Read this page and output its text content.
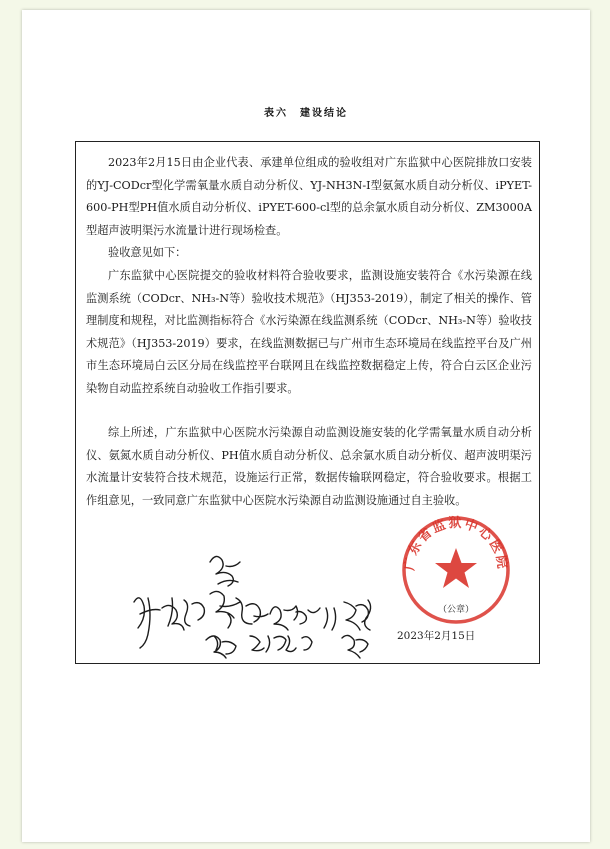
表六　建设结论

2023年2月15日由企业代表、承建单位组成的验收组对广东监狱中心医院排放口安装的YJ-CODcr型化学需氧量水质自动分析仪、YJ-NH3N-I型氨氮水质自动分析仪、iPYET-600-PH型PH值水质自动分析仪、iPYET-600-cl型的总余氯水质自动分析仪、ZM3000A型超声波明渠污水流量计进行现场检查。

验收意见如下：

广东监狱中心医院提交的验收材料符合验收要求，监测设施安装符合《水污染源在线监测系统（CODcr、NH₃-N等）验收技术规范》（HJ353-2019），制定了相关的操作、管理制度和规程，对比监测指标符合《水污染源在线监测系统（CODcr、NH₃-N等）验收技术规范》（HJ353-2019）要求，在线监测数据已与广州市生态环境局在线监控平台及广州市生态环境局白云区分局在线监控平台联网且在线监控数据稳定上传，符合白云区企业污染物自动监控系统自动验收工作指引要求。

综上所述，广东监狱中心医院水污染源自动监测设施安装的化学需氧量水质自动分析仪、氨氮水质自动分析仪、PH值水质自动分析仪、总余氯水质自动分析仪、超声波明渠污水流量计安装符合技术规范，设施运行正常，数据传输联网稳定，符合验收要求。根据工作组意见，一致同意广东监狱中心医院水污染源自动监测设施通过自主验收。

广东省监狱中心医院
（公章）
2023年2月15日
